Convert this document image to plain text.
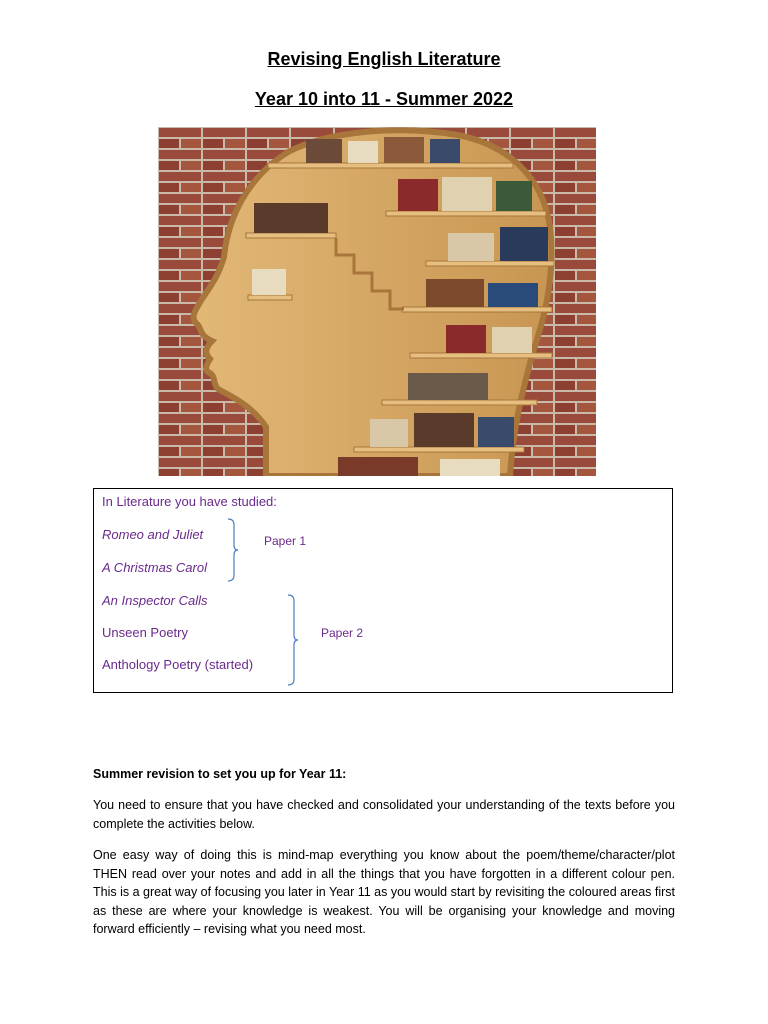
Revising English Literature
Year 10 into 11 - Summer 2022

In Literature you have studied:

Romeo and Juliet

A Christmas Carol

An Inspector Calls

Unseen Poetry

Anthology Poetry (started)

Paper 1
Paper 2

Summer revision to set you up for Year 11:

You need to ensure that you have checked and consolidated your understanding of the texts before you complete the activities below.

One easy way of doing this is mind-map everything you know about the poem/theme/character/plot THEN read over your notes and add in all the things that you have forgotten in a different colour pen. This is a great way of focusing you later in Year 11 as you would start by revisiting the coloured areas first as these are where your knowledge is weakest. You will be organising your knowledge and moving forward efficiently – revising what you need most.
